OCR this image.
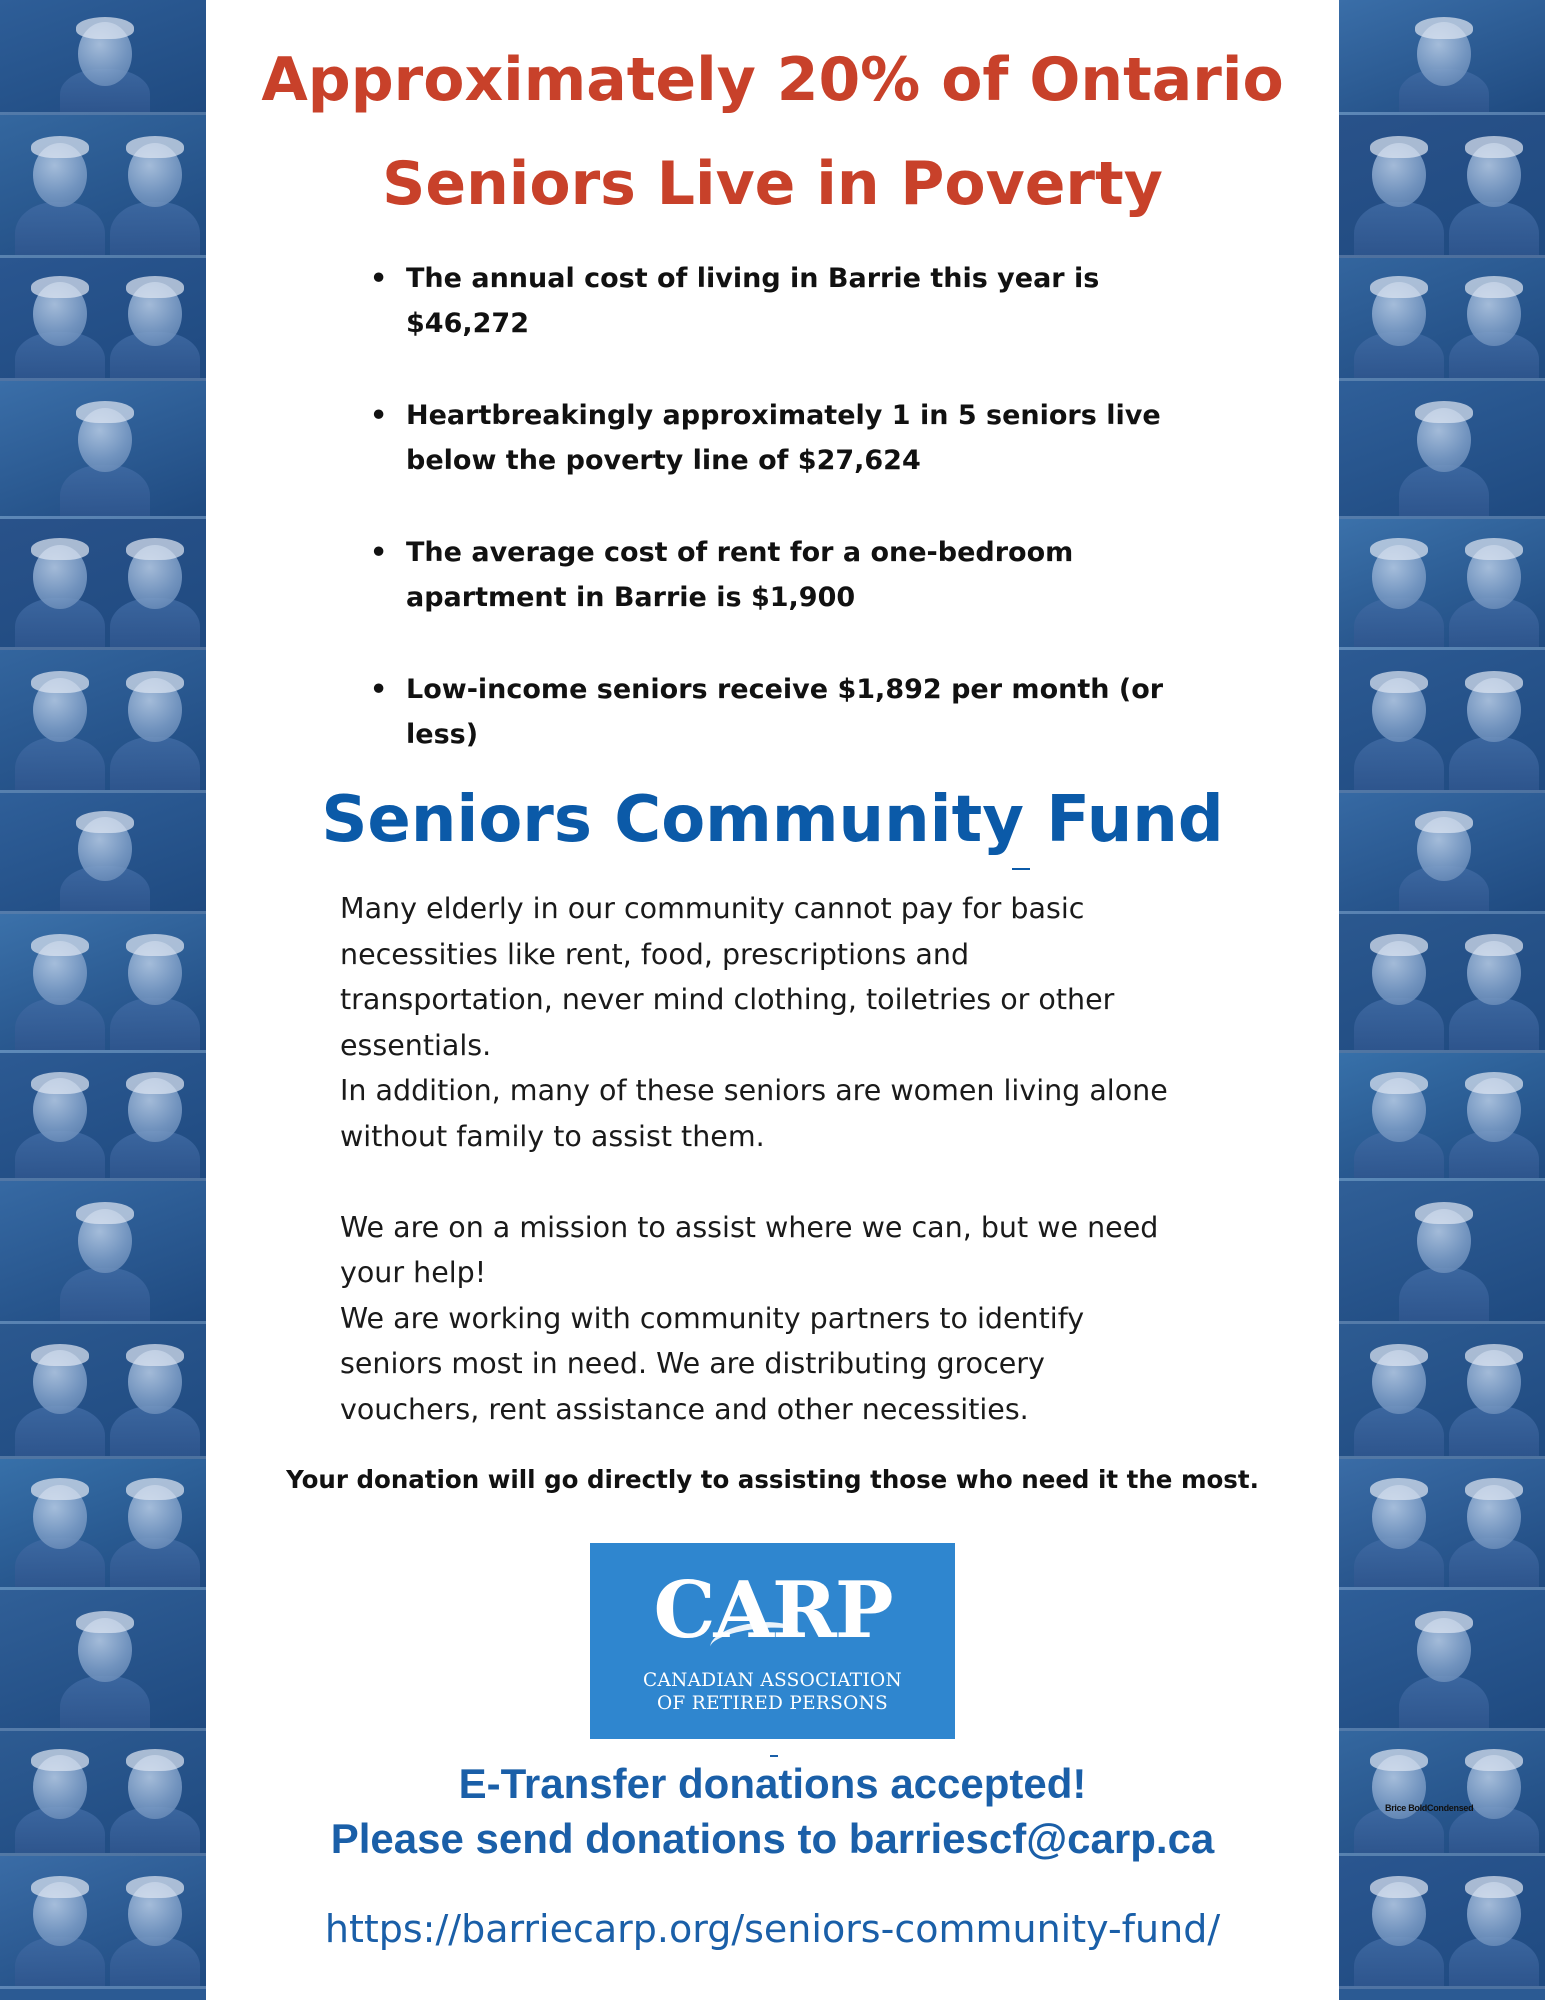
Approximately 20% of Ontario
Seniors Live in Poverty
• The annual cost of living in Barrie this year is
$46,272
• Heartbreakingly approximately 1 in 5 seniors live
below the poverty line of $27,624
• The average cost of rent for a one-bedroom
apartment in Barrie is $1,900
• Low-income seniors receive $1,892 per month (or
less)
Seniors Community Fund

Many elderly in our community cannot pay for basic

necessities like rent, food, prescriptions and

transportation, never mind clothing, toiletries or other

essentials.

In addition, many of these seniors are women living alone

without family to assist them.

We are on a mission to assist where we can, but we need

your help!

We are working with community partners to identify

seniors most in need. We are distributing grocery

vouchers, rent assistance and other necessities.

Your donation will go directly to assisting those who need it the most.

CARP
CANADIAN ASSOCIATION
OF RETIRED PERSONS

E-Transfer donations accepted!
Please send donations to barriescf@carp.ca

https://barriecarp.org/seniors-community-fund/

Brice BoldCondensed
